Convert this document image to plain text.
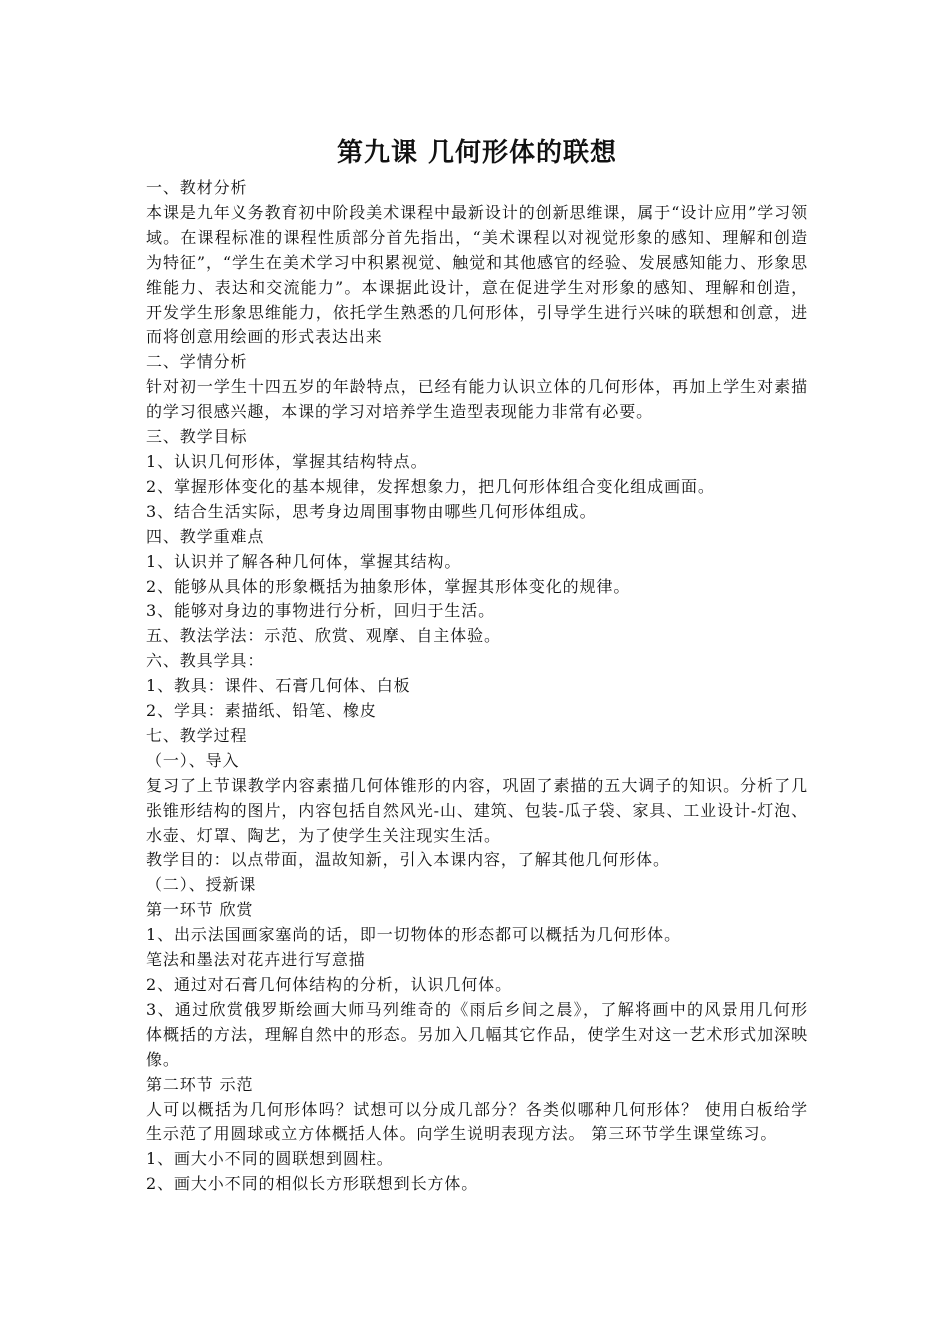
第九课 几何形体的联想

一、教材分析

本课是九年义务教育初中阶段美术课程中最新设计的创新思维课，属于“设计应用”学习领域。在课程标准的课程性质部分首先指出，“美术课程以对视觉形象的感知、理解和创造为特征”，“学生在美术学习中积累视觉、触觉和其他感官的经验、发展感知能力、形象思维能力、表达和交流能力”。本课据此设计，意在促进学生对形象的感知、理解和创造，开发学生形象思维能力，依托学生熟悉的几何形体，引导学生进行兴味的联想和创意，进而将创意用绘画的形式表达出来

二、学情分析

针对初一学生十四五岁的年龄特点，已经有能力认识立体的几何形体，再加上学生对素描的学习很感兴趣，本课的学习对培养学生造型表现能力非常有必要。

三、教学目标

1、认识几何形体，掌握其结构特点。

2、掌握形体变化的基本规律，发挥想象力，把几何形体组合变化组成画面。

3、结合生活实际，思考身边周围事物由哪些几何形体组成。

四、教学重难点

1、认识并了解各种几何体，掌握其结构。

2、能够从具体的形象概括为抽象形体，掌握其形体变化的规律。

3、能够对身边的事物进行分析，回归于生活。

五、教法学法：示范、欣赏、观摩、自主体验。

六、教具学具：

1、教具：课件、石膏几何体、白板

2、学具：素描纸、铅笔、橡皮

七、教学过程

（一）、导入

复习了上节课教学内容素描几何体锥形的内容，巩固了素描的五大调子的知识。分析了几张锥形结构的图片，内容包括自然风光-山、建筑、包装-瓜子袋、家具、工业设计-灯泡、水壶、灯罩、陶艺，为了使学生关注现实生活。

教学目的：以点带面，温故知新，引入本课内容，了解其他几何形体。

（二）、授新课

第一环节 欣赏

1、出示法国画家塞尚的话，即一切物体的形态都可以概括为几何形体。

笔法和墨法对花卉进行写意描

2、通过对石膏几何体结构的分析，认识几何体。

3、通过欣赏俄罗斯绘画大师马列维奇的《雨后乡间之晨》，了解将画中的风景用几何形体概括的方法，理解自然中的形态。另加入几幅其它作品，使学生对这一艺术形式加深映像。

第二环节 示范

人可以概括为几何形体吗？试想可以分成几部分？各类似哪种几何形体？ 使用白板给学生示范了用圆球或立方体概括人体。向学生说明表现方法。 第三环节学生课堂练习。

1、画大小不同的圆联想到圆柱。

2、画大小不同的相似长方形联想到长方体。
